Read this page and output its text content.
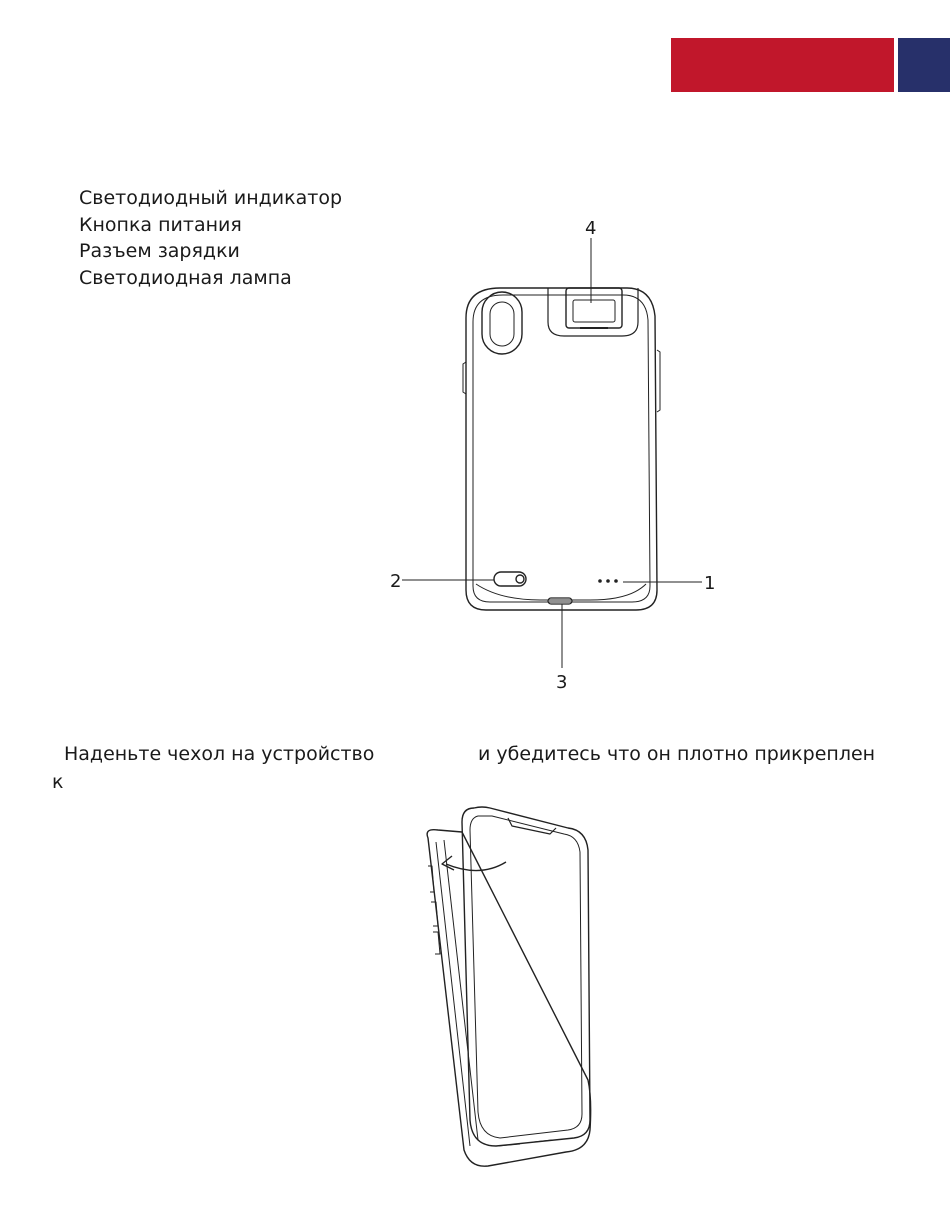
Светодиодный индикатор
Кнопка питания
Разъем зарядки
Светодиодная лампа
4
2	1
3
Наденьте чехол на устройство	и убедитесь что он плотно прикреплен
к
